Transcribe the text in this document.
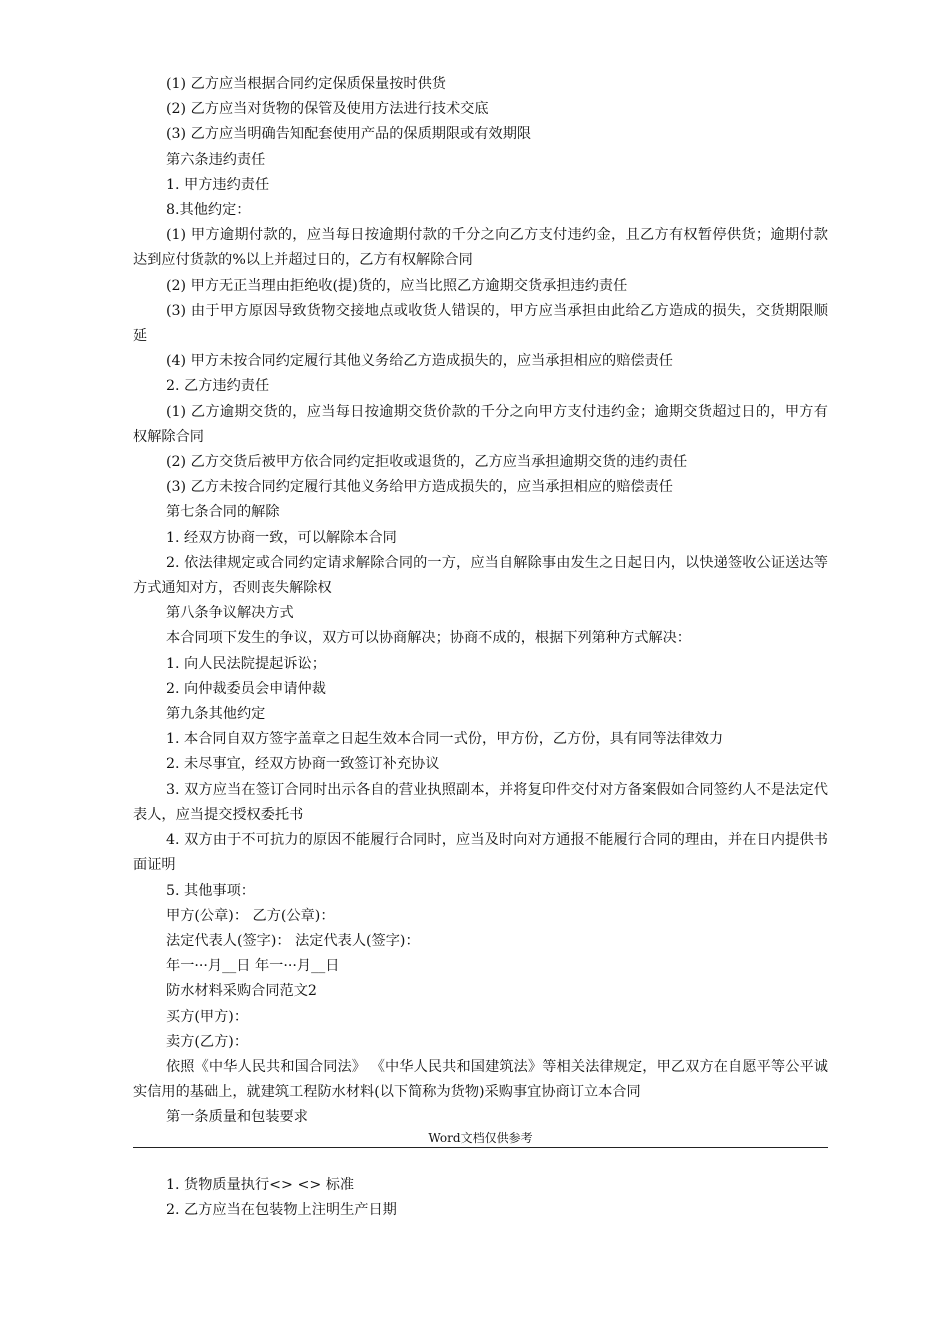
(1) 乙方应当根据合同约定保质保量按时供货

(2) 乙方应当对货物的保管及使用方法进行技术交底

(3) 乙方应当明确告知配套使用产品的保质期限或有效期限

第六条违约责任

1. 甲方违约责任

8.其他约定：

(1) 甲方逾期付款的，应当每日按逾期付款的千分之向乙方支付违约金，且乙方有权暂停供货；逾期付款达到应付货款的%以上并超过日的，乙方有权解除合同

(2) 甲方无正当理由拒绝收(提)货的，应当比照乙方逾期交货承担违约责任

(3) 由于甲方原因导致货物交接地点或收货人错误的，甲方应当承担由此给乙方造成的损失，交货期限顺延

(4) 甲方未按合同约定履行其他义务给乙方造成损失的，应当承担相应的赔偿责任

2. 乙方违约责任

(1) 乙方逾期交货的，应当每日按逾期交货价款的千分之向甲方支付违约金；逾期交货超过日的，甲方有权解除合同

(2) 乙方交货后被甲方依合同约定拒收或退货的，乙方应当承担逾期交货的违约责任

(3) 乙方未按合同约定履行其他义务给甲方造成损失的，应当承担相应的赔偿责任

第七条合同的解除

1. 经双方协商一致，可以解除本合同

2. 依法律规定或合同约定请求解除合同的一方，应当自解除事由发生之日起日内，以快递签收公证送达等方式通知对方，否则丧失解除权

第八条争议解决方式

本合同项下发生的争议，双方可以协商解决；协商不成的，根据下列第种方式解决：

1. 向人民法院提起诉讼；

2. 向仲裁委员会申请仲裁

第九条其他约定

1. 本合同自双方签字盖章之日起生效本合同一式份，甲方份，乙方份，具有同等法律效力

2. 未尽事宜，经双方协商一致签订补充协议

3. 双方应当在签订合同时出示各自的营业执照副本，并将复印件交付对方备案假如合同签约人不是法定代表人，应当提交授权委托书

4. 双方由于不可抗力的原因不能履行合同时，应当及时向对方通报不能履行合同的理由，并在日内提供书面证明

5. 其他事项：

甲方(公章)： 乙方(公章)：

法定代表人(签字)： 法定代表人(签字)：

年一···月__日 年一···月__日

防水材料采购合同范文2

买方(甲方)：

卖方(乙方)：

依照《中华人民共和国合同法》 《中华人民共和国建筑法》等相关法律规定，甲乙双方在自愿平等公平诚实信用的基础上，就建筑工程防水材料(以下简称为货物)采购事宜协商订立本合同

第一条质量和包装要求

Word文档仅供参考

1. 货物质量执行<> <> 标准

2. 乙方应当在包装物上注明生产日期
